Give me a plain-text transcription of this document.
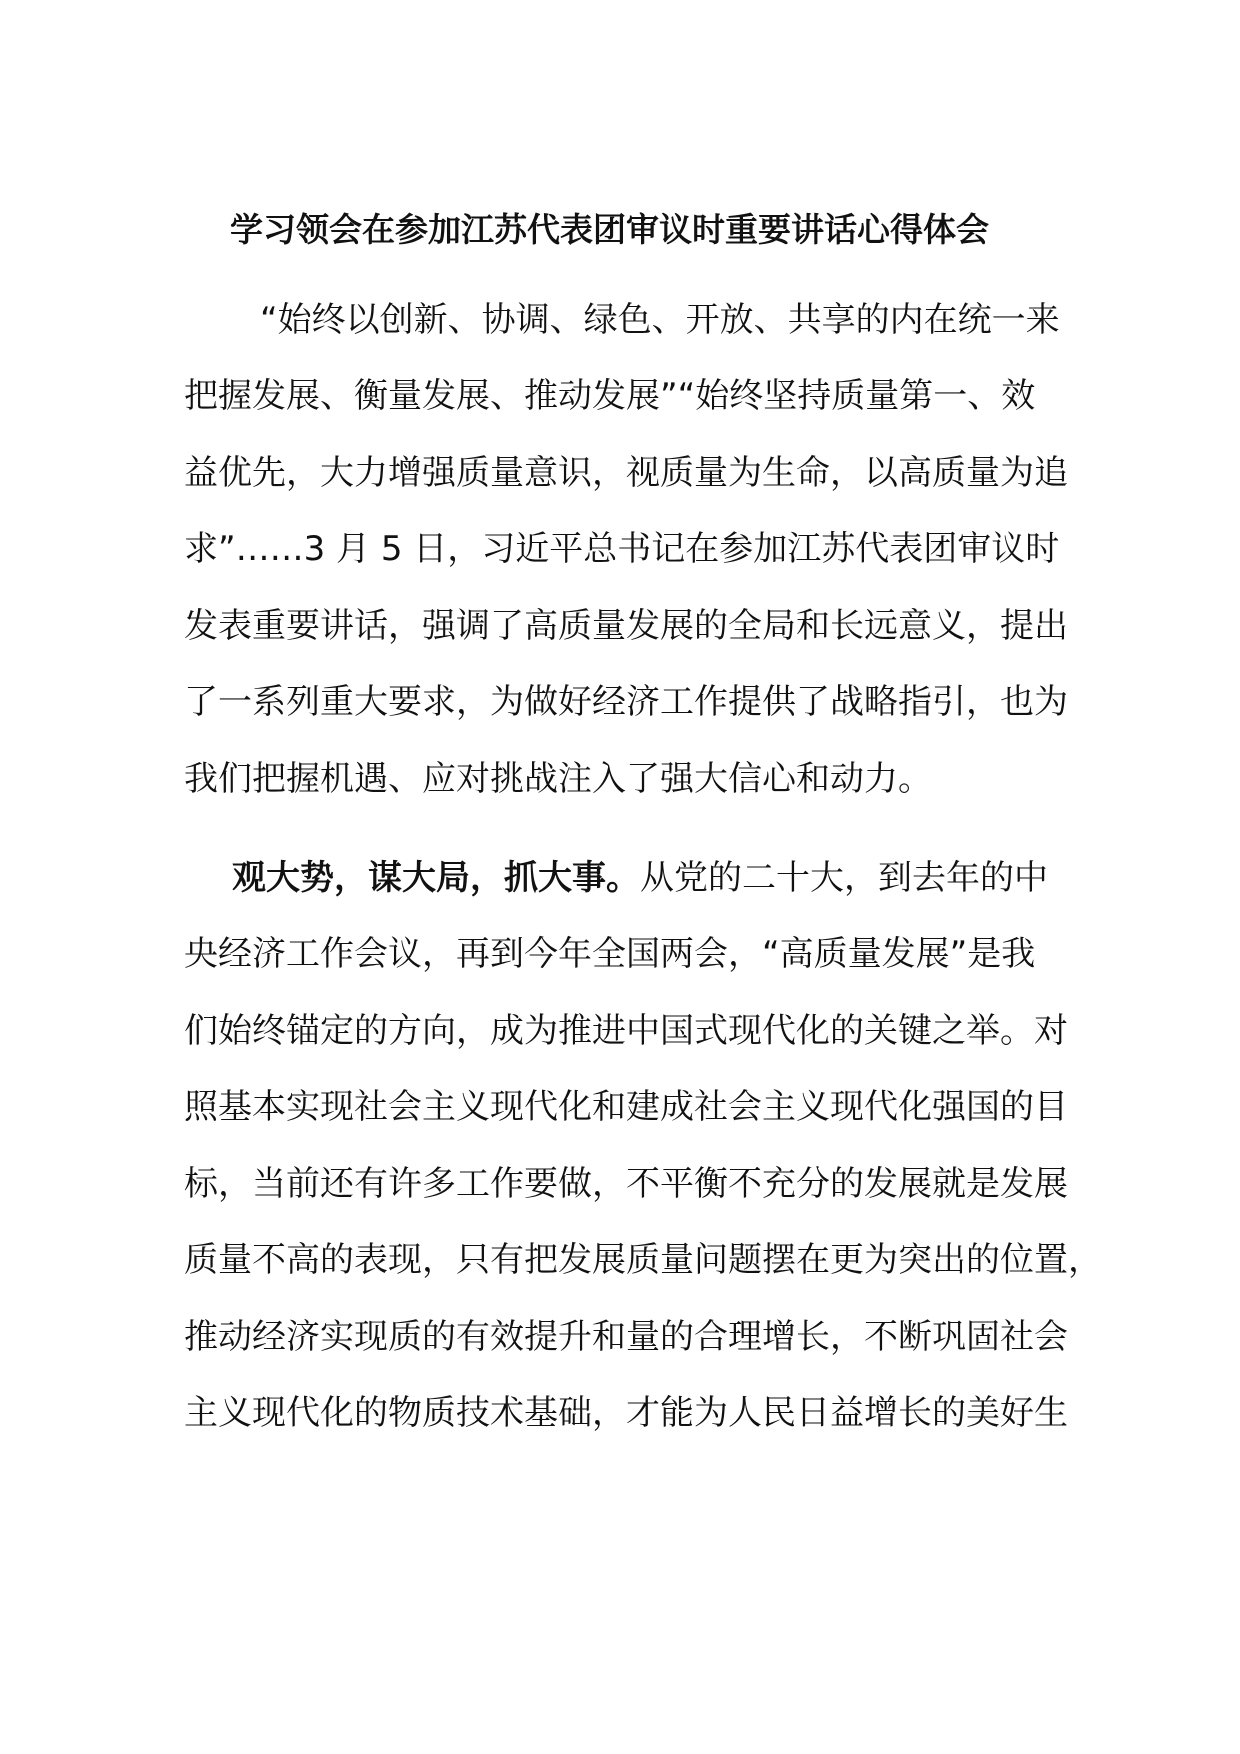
学习领会在参加江苏代表团审议时重要讲话心得体会
“始终以创新、协调、绿色、开放、共享的内在统一来
把握发展、衡量发展、推动发展”“始终坚持质量第一、效
益优先，大力增强质量意识，视质量为生命，以高质量为追
求”……3 月 5 日，习近平总书记在参加江苏代表团审议时
发表重要讲话，强调了高质量发展的全局和长远意义，提出
了一系列重大要求，为做好经济工作提供了战略指引，也为
我们把握机遇、应对挑战注入了强大信心和动力。
观大势，谋大局，抓大事。从党的二十大，到去年的中
央经济工作会议，再到今年全国两会，“高质量发展”是我
们始终锚定的方向，成为推进中国式现代化的关键之举。对
照基本实现社会主义现代化和建成社会主义现代化强国的目
标，当前还有许多工作要做，不平衡不充分的发展就是发展
质量不高的表现，只有把发展质量问题摆在更为突出的位置，
推动经济实现质的有效提升和量的合理增长，不断巩固社会
主义现代化的物质技术基础，才能为人民日益增长的美好生
